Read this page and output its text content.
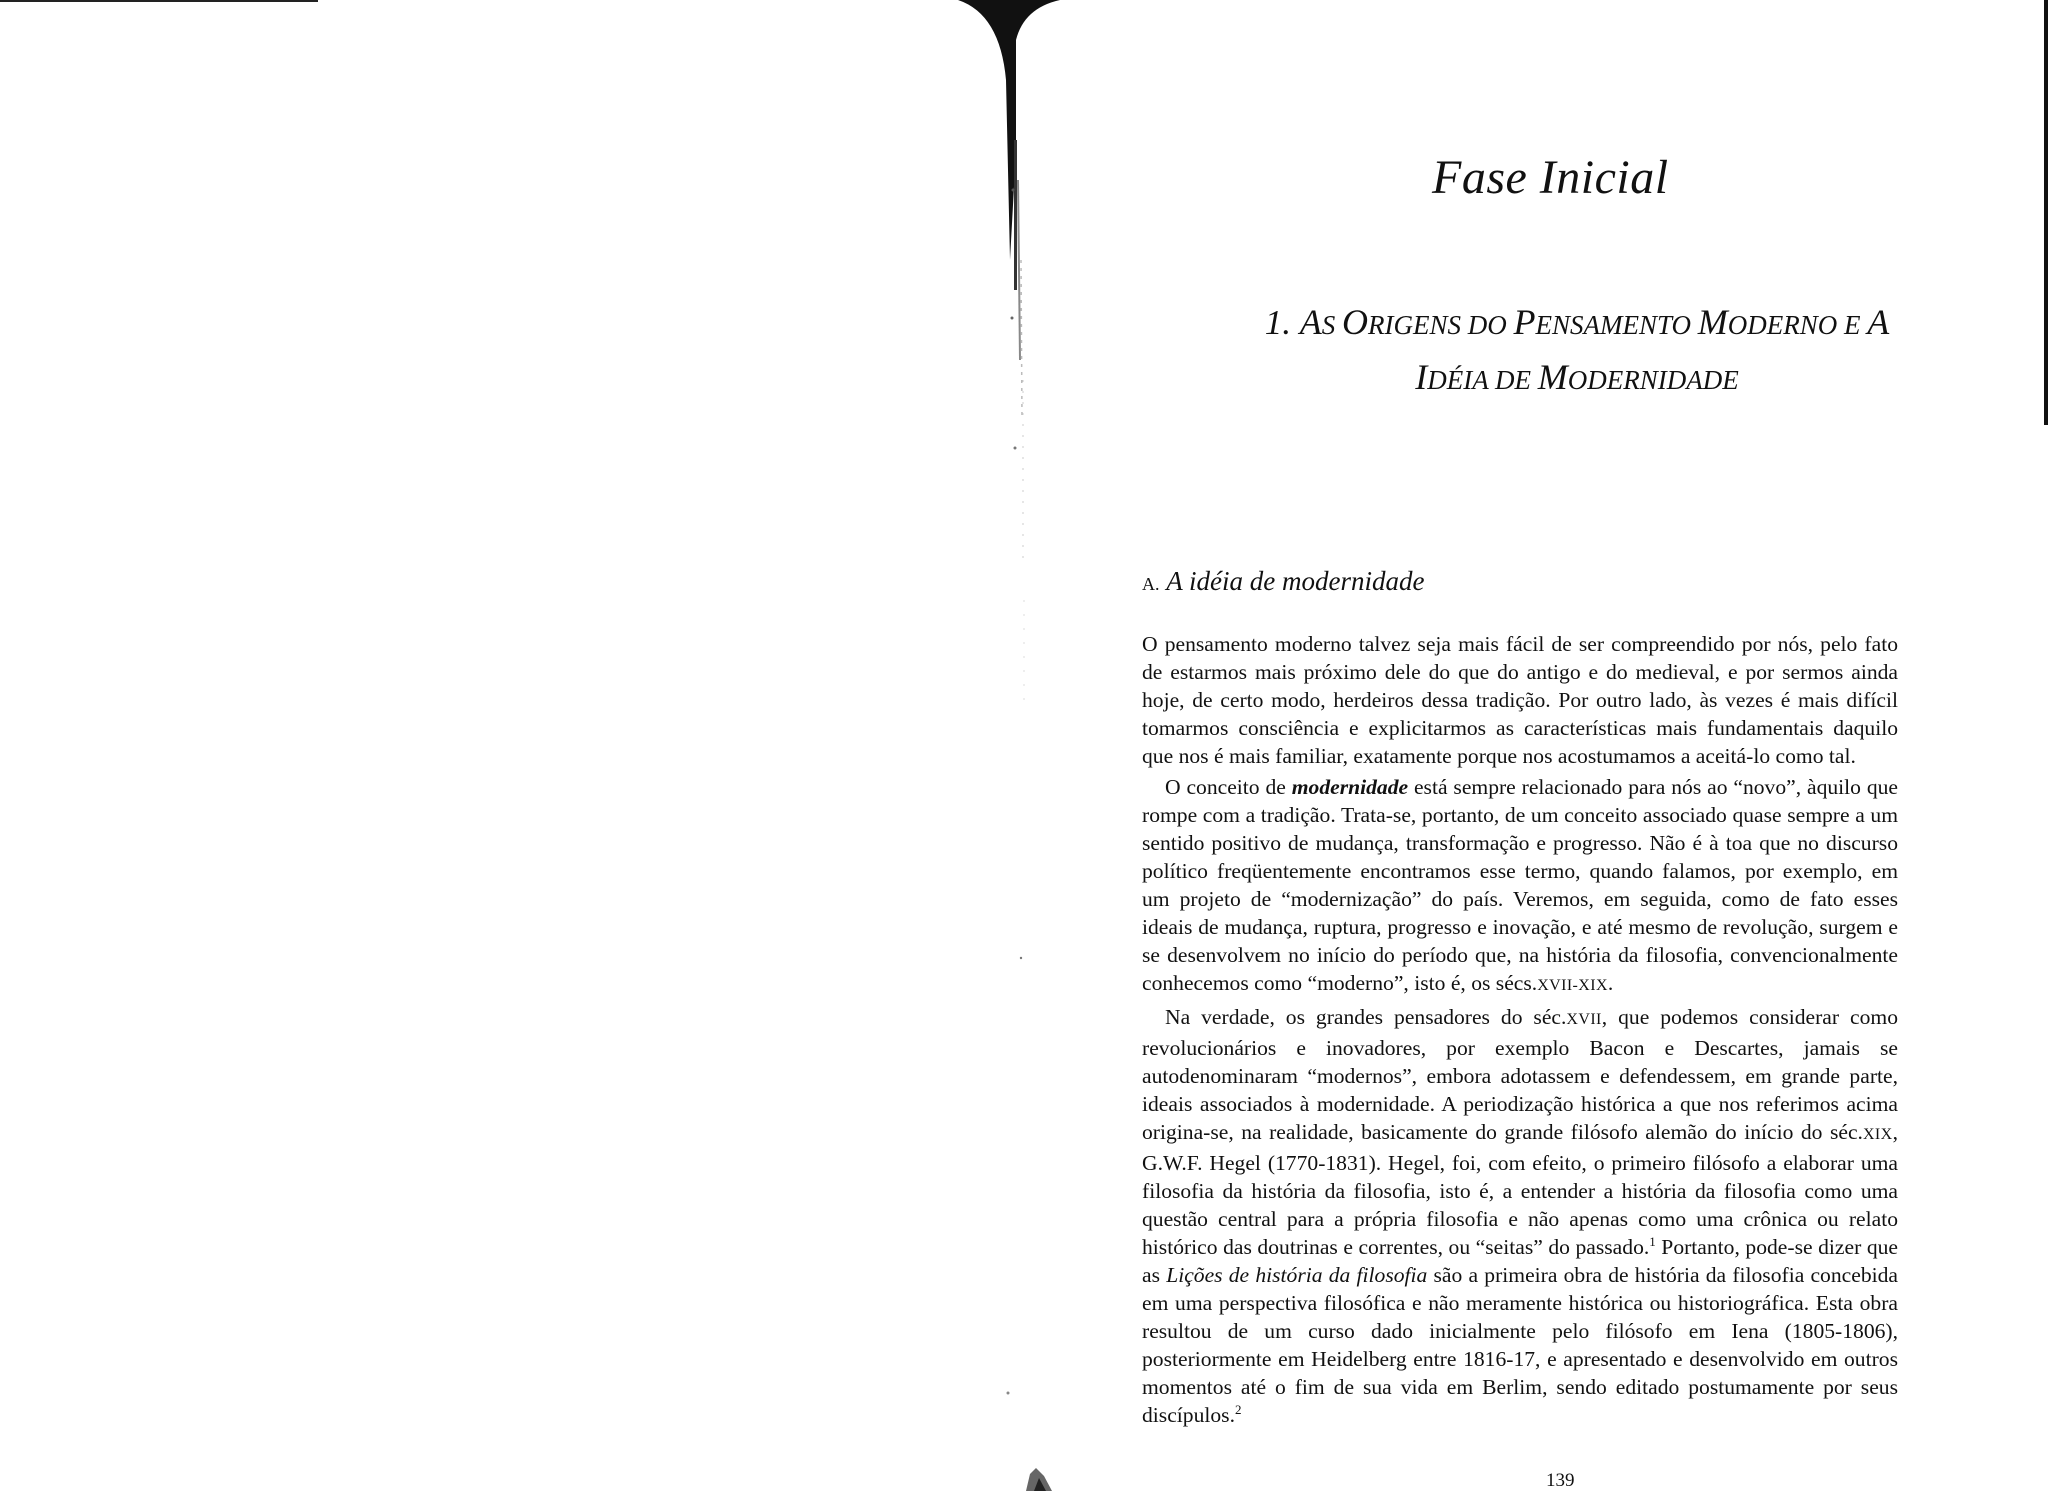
Fase Inicial
1. AS ORIGENS DO PENSAMENTO MODERNO E A
IDÉIA DE MODERNIDADE
A. A idéia de modernidade

O pensamento moderno talvez seja mais fácil de ser compreendido por nós, pelo fato de estarmos mais próximo dele do que do antigo e do medieval, e por sermos ainda hoje, de certo modo, herdeiros dessa tradição. Por outro lado, às vezes é mais difícil tomarmos consciência e explicitarmos as características mais fundamentais daquilo que nos é mais familiar, exatamente porque nos acostumamos a aceitá-lo como tal.

O conceito de modernidade está sempre relacionado para nós ao “novo”, àquilo que rompe com a tradição. Trata-se, portanto, de um conceito associado quase sempre a um sentido positivo de mudança, transformação e progresso. Não é à toa que no discurso político freqüentemente encontramos esse termo, quando falamos, por exemplo, em um projeto de “modernização” do país. Veremos, em seguida, como de fato esses ideais de mudança, ruptura, progresso e inovação, e até mesmo de revolução, surgem e se desenvolvem no início do período que, na história da filosofia, convencionalmente conhecemos como “moderno”, isto é, os sécs.XVII-XIX.

Na verdade, os grandes pensadores do séc.XVII, que podemos considerar como revolucionários e inovadores, por exemplo Bacon e Descartes, jamais se autodenominaram “modernos”, embora adotassem e defendessem, em grande parte, ideais associados à modernidade. A periodização histórica a que nos referimos acima origina-se, na realidade, basicamente do grande filósofo alemão do início do séc.XIX, G.W.F. Hegel (1770-1831). Hegel, foi, com efeito, o primeiro filósofo a elaborar uma filosofia da história da filosofia, isto é, a entender a história da filosofia como uma questão central para a própria filosofia e não apenas como uma crônica ou relato histórico das doutrinas e correntes, ou “seitas” do passado.$^1$ Portanto, pode-se dizer que as Lições de história da filosofia são a primeira obra de história da filosofia concebida em uma perspectiva filosófica e não meramente histórica ou historiográfica. Esta obra resultou de um curso dado inicialmente pelo filósofo em Iena (1805-1806), posteriormente em Heidelberg entre 1816-17, e apresentado e desenvolvido em outros momentos até o fim de sua vida em Berlim, sendo editado postumamente por seus discípulos.$^2$

139
